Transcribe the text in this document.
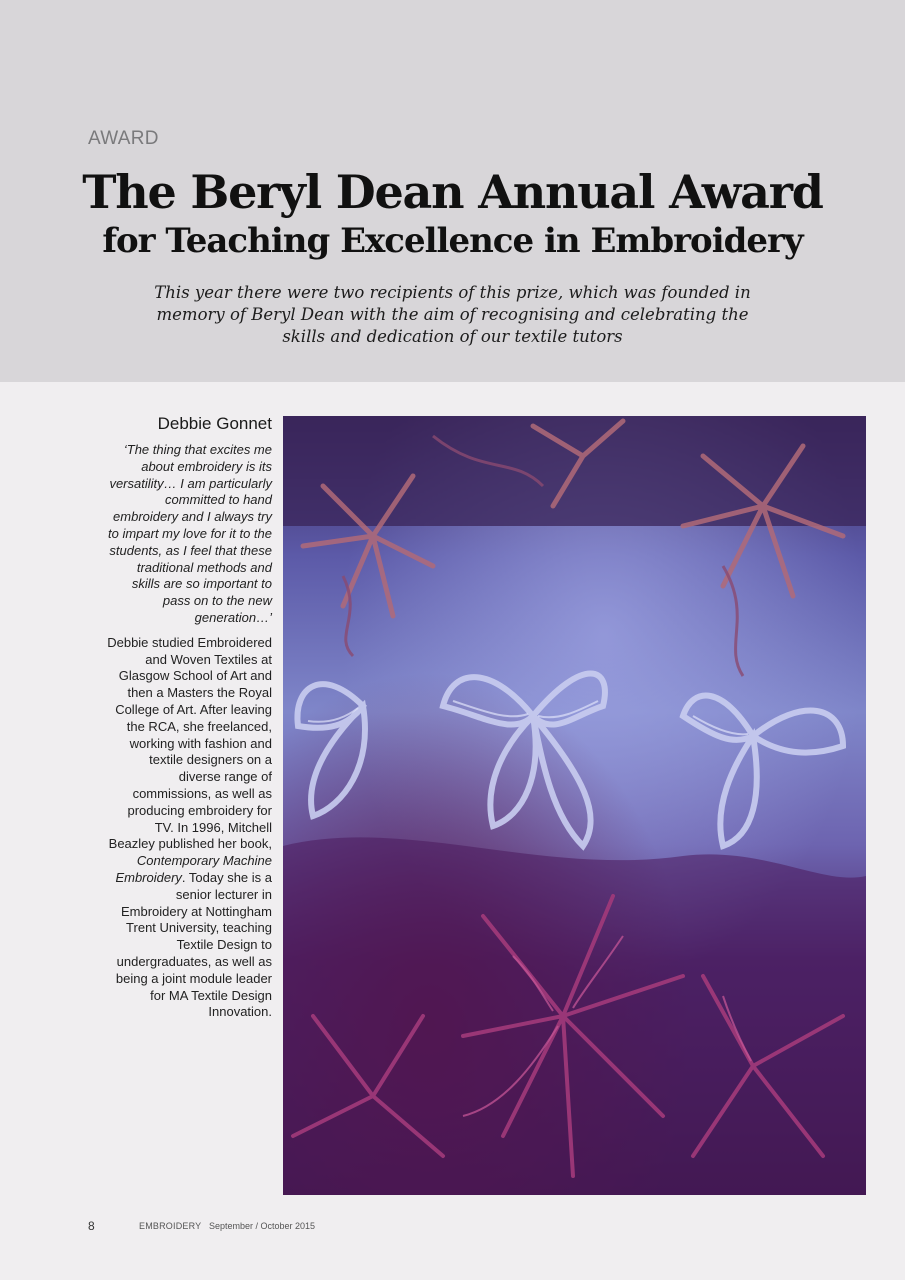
AWARD
The Beryl Dean Annual Award
for Teaching Excellence in Embroidery

This year there were two recipients of this prize, which was founded in memory of Beryl Dean with the aim of recognising and celebrating the skills and dedication of our textile tutors

Debbie Gonnet

‘The thing that excites me about embroidery is its versatility… I am particularly committed to hand embroidery and I always try to impart my love for it to the students, as I feel that these traditional methods and skills are so important to pass on to the new generation…’

Debbie studied Embroidered and Woven Textiles at Glasgow School of Art and then a Masters the Royal College of Art. After leaving the RCA, she freelanced, working with fashion and textile designers on a diverse range of commissions, as well as producing embroidery for TV. In 1996, Mitchell Beazley published her book, Contemporary Machine Embroidery. Today she is a senior lecturer in Embroidery at Nottingham Trent University, teaching Textile Design to undergraduates, as well as being a joint module leader for MA Textile Design Innovation.

8	EMBROIDERY September / October 2015
